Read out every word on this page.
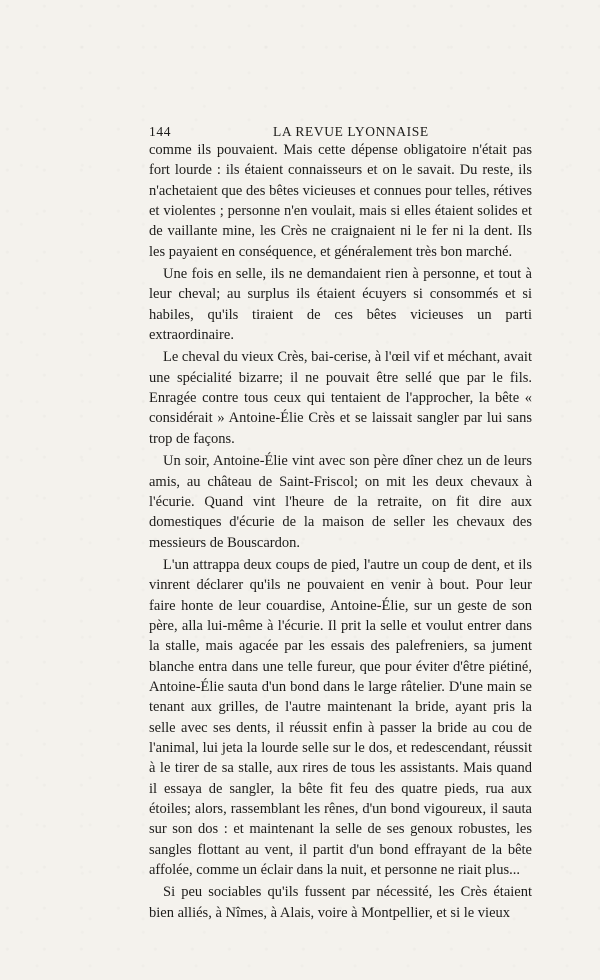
144	LA REVUE LYONNAISE

comme ils pouvaient. Mais cette dépense obligatoire n'était pas fort lourde : ils étaient connaisseurs et on le savait. Du reste, ils n'achetaient que des bêtes vicieuses et connues pour telles, rétives et violentes ; personne n'en voulait, mais si elles étaient solides et de vaillante mine, les Crès ne craignaient ni le fer ni la dent. Ils les payaient en conséquence, et généralement très bon marché.

Une fois en selle, ils ne demandaient rien à personne, et tout à leur cheval; au surplus ils étaient écuyers si consommés et si habiles, qu'ils tiraient de ces bêtes vicieuses un parti extraordinaire.

Le cheval du vieux Crès, bai-cerise, à l'œil vif et méchant, avait une spécialité bizarre; il ne pouvait être sellé que par le fils. Enragée contre tous ceux qui tentaient de l'approcher, la bête « considérait » Antoine-Élie Crès et se laissait sangler par lui sans trop de façons.

Un soir, Antoine-Élie vint avec son père dîner chez un de leurs amis, au château de Saint-Friscol; on mit les deux chevaux à l'écurie. Quand vint l'heure de la retraite, on fit dire aux domestiques d'écurie de la maison de seller les chevaux des messieurs de Bouscardon.

L'un attrappa deux coups de pied, l'autre un coup de dent, et ils vinrent déclarer qu'ils ne pouvaient en venir à bout. Pour leur faire honte de leur couardise, Antoine-Élie, sur un geste de son père, alla lui-même à l'écurie. Il prit la selle et voulut entrer dans la stalle, mais agacée par les essais des palefreniers, sa jument blanche entra dans une telle fureur, que pour éviter d'être piétiné, Antoine-Élie sauta d'un bond dans le large râtelier. D'une main se tenant aux grilles, de l'autre maintenant la bride, ayant pris la selle avec ses dents, il réussit enfin à passer la bride au cou de l'animal, lui jeta la lourde selle sur le dos, et redescendant, réussit à le tirer de sa stalle, aux rires de tous les assistants. Mais quand il essaya de sangler, la bête fit feu des quatre pieds, rua aux étoiles; alors, rassemblant les rênes, d'un bond vigoureux, il sauta sur son dos : et maintenant la selle de ses genoux robustes, les sangles flottant au vent, il partit d'un bond effrayant de la bête affolée, comme un éclair dans la nuit, et personne ne riait plus...

Si peu sociables qu'ils fussent par nécessité, les Crès étaient bien alliés, à Nîmes, à Alais, voire à Montpellier, et si le vieux
